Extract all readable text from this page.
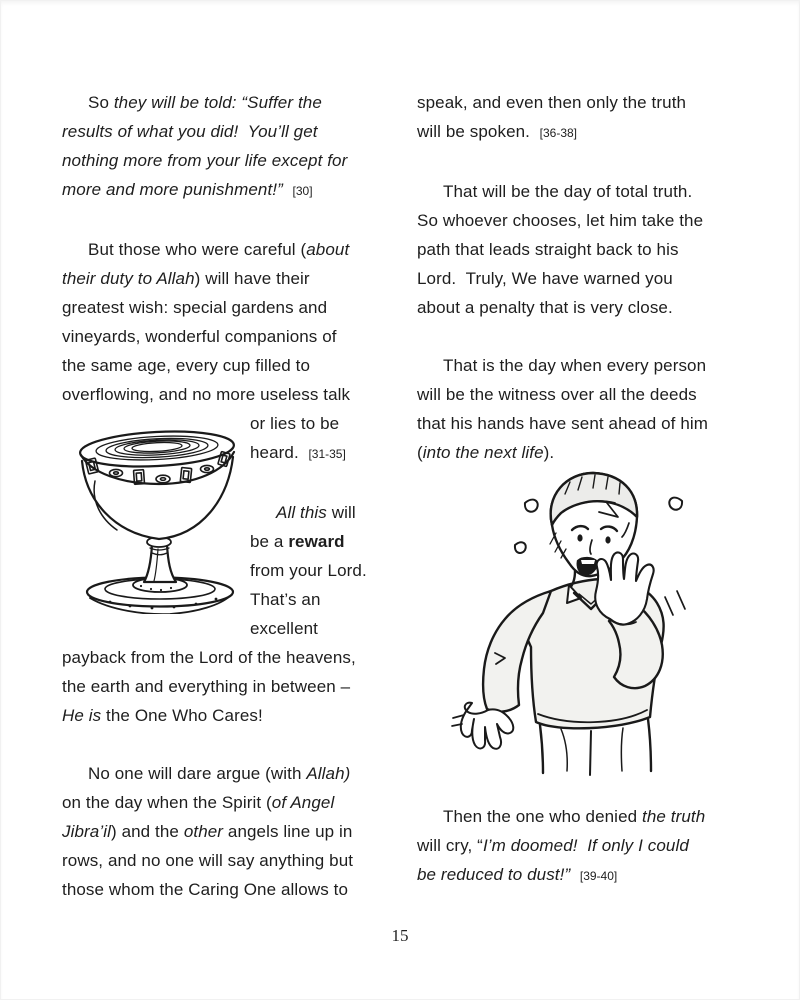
So they will be told: “Suffer the
results of what you did!  You’ll get
nothing more from your life except for
more and more punishment!” [30]
But those who were careful (about
their duty to Allah) will have their
greatest wish: special gardens and
vineyards, wonderful companions of
the same age, every cup filled to
overflowing, and no more useless talk
or lies to be
heard.  [31-35]
All this will
be a reward
from your Lord.
That’s an
excellent
payback from the Lord of the heavens,
the earth and everything in between –
He is the One Who Cares!
No one will dare argue (with Allah)
on the day when the Spirit (of Angel
Jibra’il) and the other angels line up in
rows, and no one will say anything but
those whom the Caring One allows to
speak, and even then only the truth
will be spoken.  [36-38]
That will be the day of total truth.
So whoever chooses, let him take the
path that leads straight back to his
Lord.  Truly, We have warned you
about a penalty that is very close.
That is the day when every person
will be the witness over all the deeds
that his hands have sent ahead of him
(into the next life).
Then the one who denied the truth
will cry, “I’m doomed!  If only I could
be reduced to dust!” [39-40]
15
